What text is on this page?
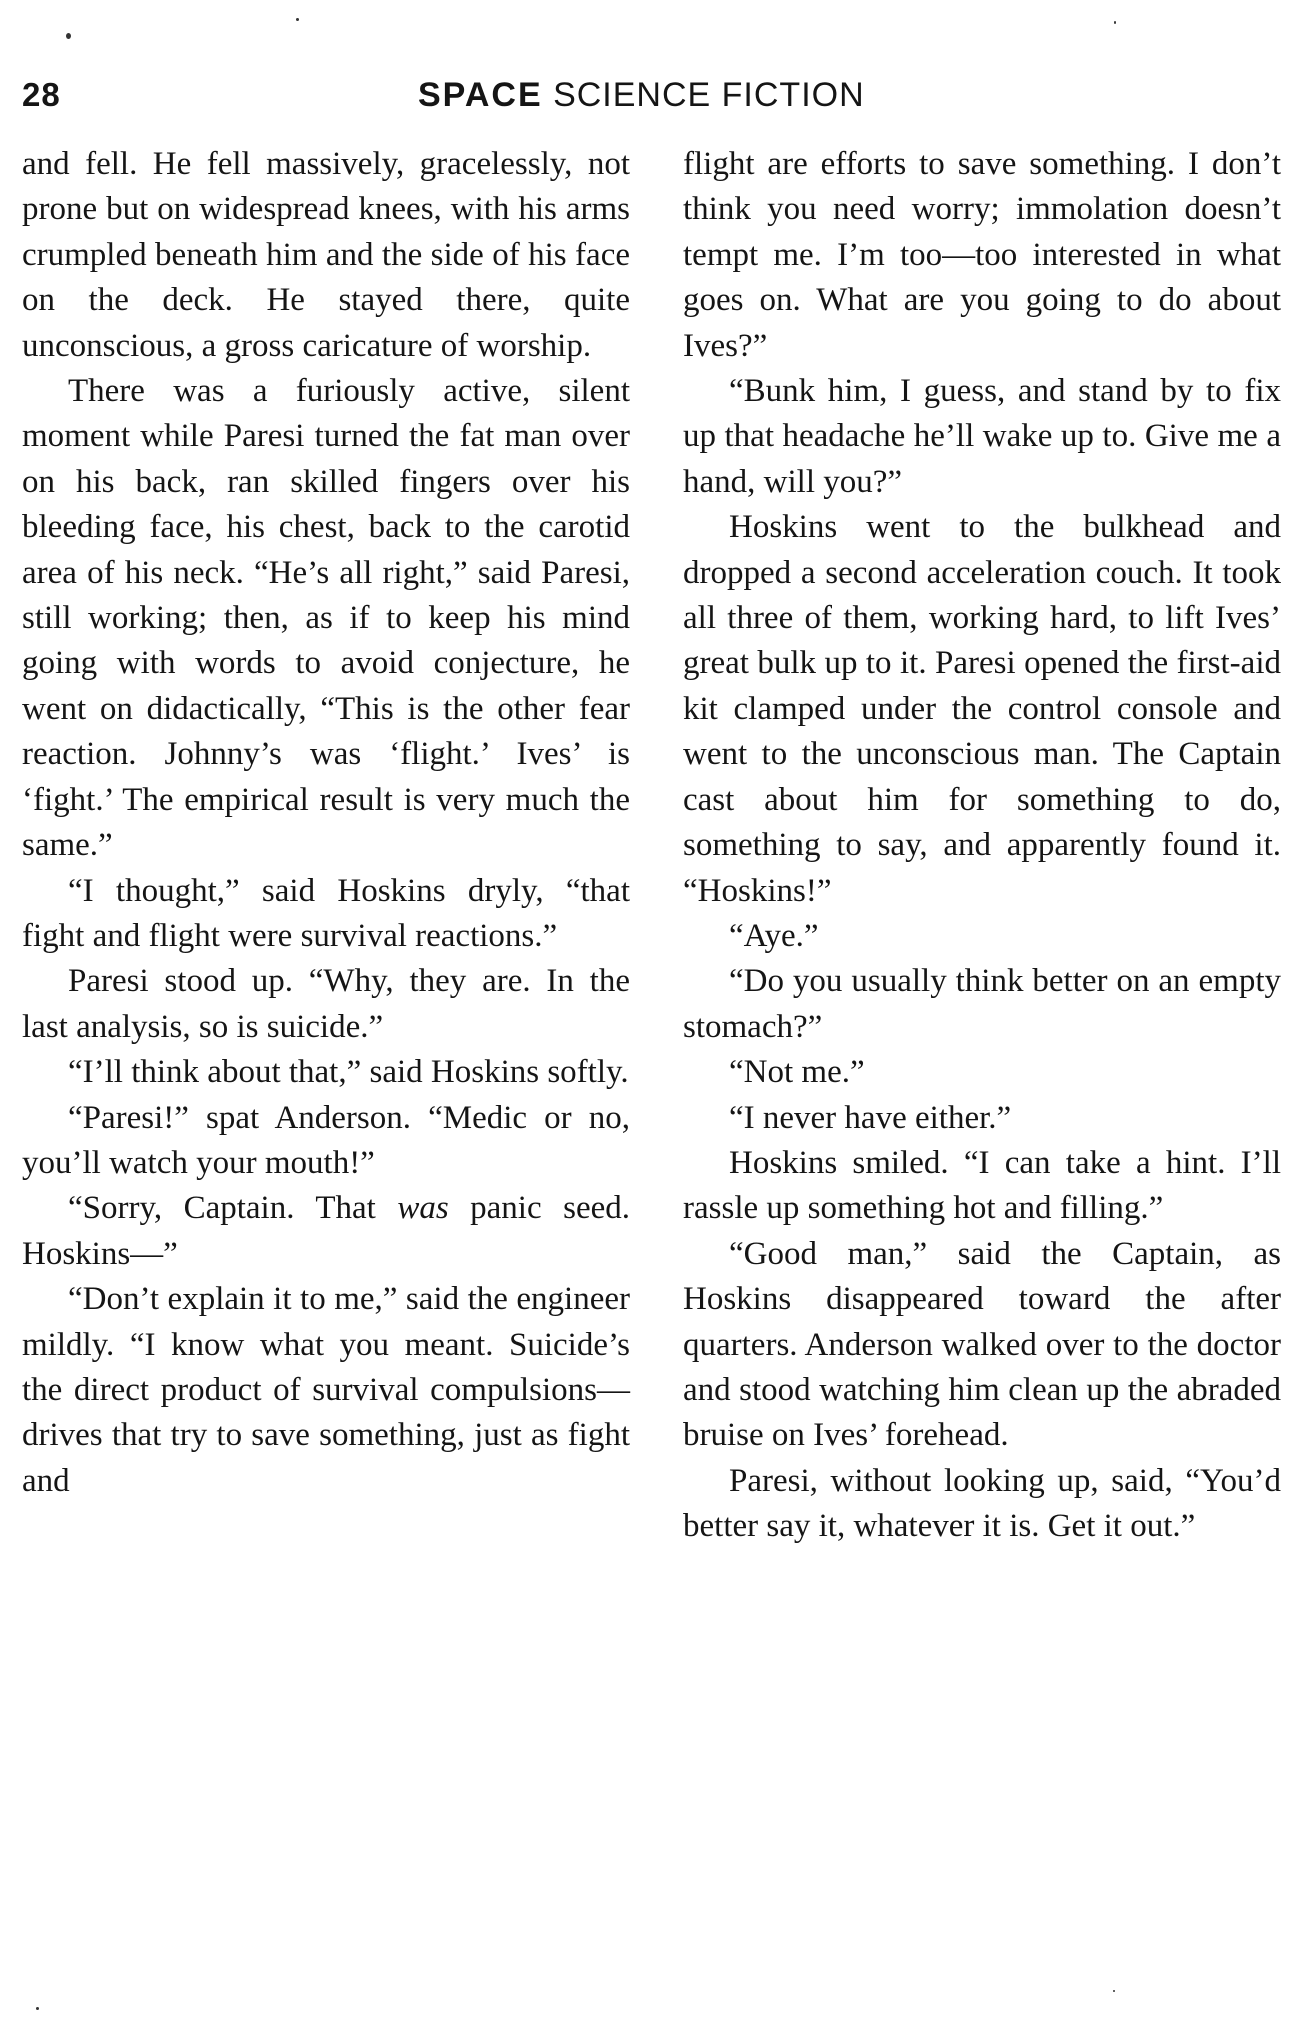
28	SPACE SCIENCE FICTION

and fell. He fell massively, gracelessly, not prone but on widespread knees, with his arms crumpled beneath him and the side of his face on the deck. He stayed there, quite unconscious, a gross caricature of worship.

There was a furiously active, silent moment while Paresi turned the fat man over on his back, ran skilled fingers over his bleeding face, his chest, back to the carotid area of his neck. “He’s all right,” said Paresi, still working; then, as if to keep his mind going with words to avoid conjecture, he went on didactically, “This is the other fear reaction. Johnny’s was ‘flight.’ Ives’ is ‘fight.’ The empirical result is very much the same.”

“I thought,” said Hoskins dryly, “that fight and flight were survival reactions.”

Paresi stood up. “Why, they are. In the last analysis, so is suicide.”

“I’ll think about that,” said Hoskins softly.

“Paresi!” spat Anderson. “Medic or no, you’ll watch your mouth!”

“Sorry, Captain. That was panic seed. Hoskins—”

“Don’t explain it to me,” said the engineer mildly. “I know what you meant. Suicide’s the direct product of survival compulsions—drives that try to save something, just as fight and

flight are efforts to save something. I don’t think you need worry; immolation doesn’t tempt me. I’m too—too interested in what goes on. What are you going to do about Ives?”

“Bunk him, I guess, and stand by to fix up that headache he’ll wake up to. Give me a hand, will you?”

Hoskins went to the bulkhead and dropped a second acceleration couch. It took all three of them, working hard, to lift Ives’ great bulk up to it. Paresi opened the first-aid kit clamped under the control console and went to the unconscious man. The Captain cast about him for something to do, something to say, and apparently found it. “Hoskins!”

“Aye.”

“Do you usually think better on an empty stomach?”

“Not me.”

“I never have either.”

Hoskins smiled. “I can take a hint. I’ll rassle up something hot and filling.”

“Good man,” said the Captain, as Hoskins disappeared toward the after quarters. Anderson walked over to the doctor and stood watching him clean up the abraded bruise on Ives’ forehead.

Paresi, without looking up, said, “You’d better say it, whatever it is. Get it out.”
